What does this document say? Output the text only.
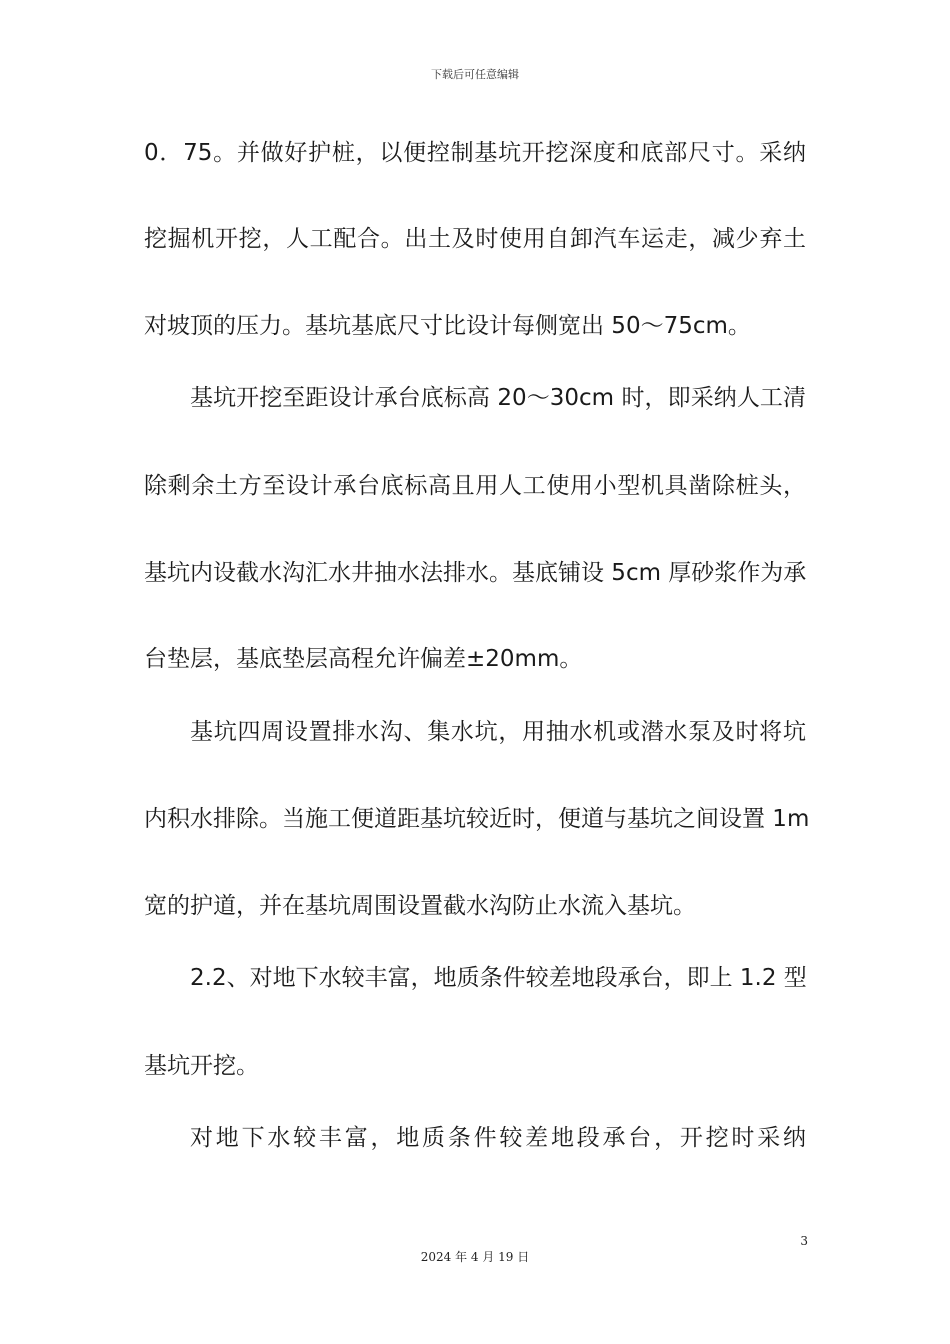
下载后可任意编辑
0．75。并做好护桩，以便控制基坑开挖深度和底部尺寸。采纳
挖掘机开挖，人工配合。出土及时使用自卸汽车运走，减少弃土
对坡顶的压力。基坑基底尺寸比设计每侧宽出 50～75cm。
基坑开挖至距设计承台底标高 20～30cm 时，即采纳人工清
除剩余土方至设计承台底标高且用人工使用小型机具凿除桩头，
基坑内设截水沟汇水井抽水法排水。基底铺设 5cm 厚砂浆作为承
台垫层，基底垫层高程允许偏差±20mm。
基坑四周设置排水沟、集水坑，用抽水机或潜水泵及时将坑
内积水排除。当施工便道距基坑较近时，便道与基坑之间设置 1m
宽的护道，并在基坑周围设置截水沟防止水流入基坑。
2.2、对地下水较丰富，地质条件较差地段承台，即上 1.2 型
基坑开挖。
对地下水较丰富，地质条件较差地段承台，开挖时采纳
3
2024 年 4 月 19 日
